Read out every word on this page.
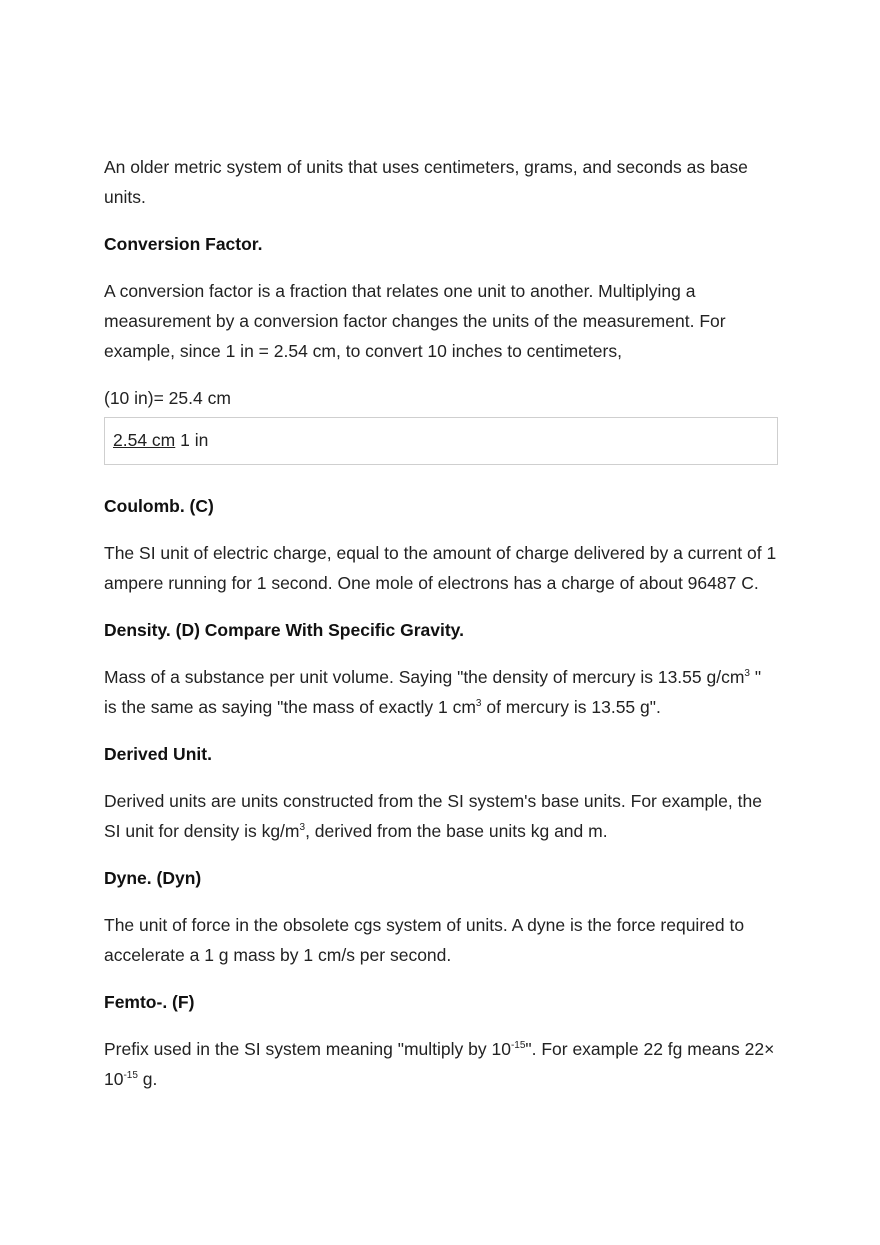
An older metric system of units that uses centimeters, grams, and seconds as base units.

Conversion Factor.

A conversion factor is a fraction that relates one unit to another. Multiplying a measurement by a conversion factor changes the units of the measurement. For example, since 1 in = 2.54 cm, to convert 10 inches to centimeters,

(10 in)= 25.4 cm

2.54 cm 1 in

Coulomb. (C)

The SI unit of electric charge, equal to the amount of charge delivered by a current of 1 ampere running for 1 second. One mole of electrons has a charge of about 96487 C.

Density. (D) Compare With Specific Gravity.

Mass of a substance per unit volume. Saying "the density of mercury is 13.55 $g/cm^3$ " is the same as saying "the mass of exactly 1 $cm^3$ of mercury is 13.55 g".

Derived Unit.

Derived units are units constructed from the SI system's base units. For example, the SI unit for density is $kg/m^3$, derived from the base units kg and m.

Dyne. (Dyn)

The unit of force in the obsolete cgs system of units. A dyne is the force required to accelerate a 1 g mass by 1 cm/s per second.

Femto-. (F)

Prefix used in the SI system meaning "multiply by $10^{-15}$". For example 22 fg means $22\times 10^{-15}$ g.
